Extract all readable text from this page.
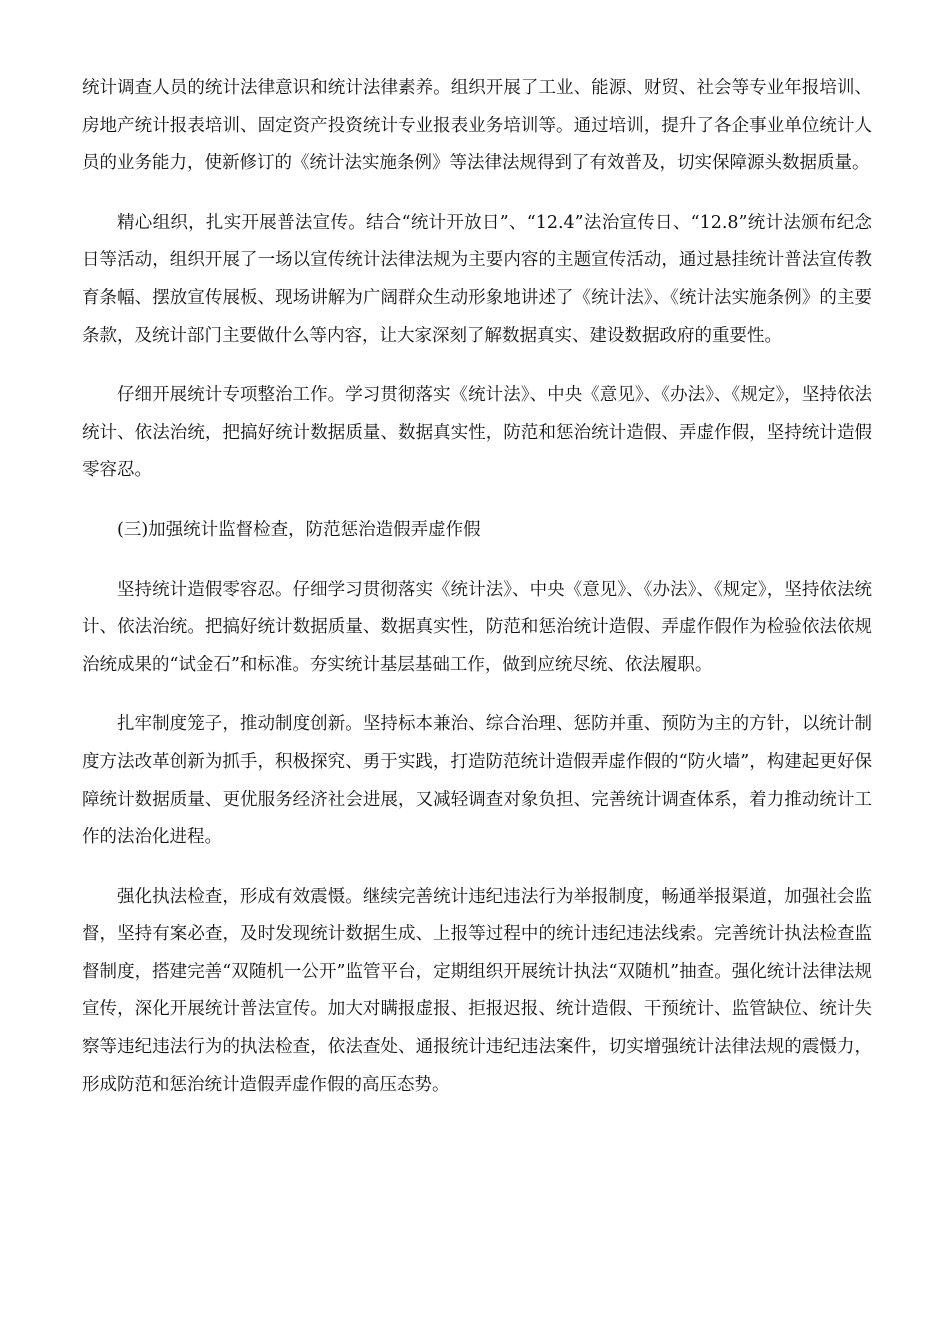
统计调查人员的统计法律意识和统计法律素养。组织开展了工业、能源、财贸、社会等专业年报培训、房地产统计报表培训、固定资产投资统计专业报表业务培训等。通过培训，提升了各企事业单位统计人员的业务能力，使新修订的《统计法实施条例》等法律法规得到了有效普及，切实保障源头数据质量。

精心组织，扎实开展普法宣传。结合“统计开放日”、“12.4”法治宣传日、“12.8”统计法颁布纪念日等活动，组织开展了一场以宣传统计法律法规为主要内容的主题宣传活动，通过悬挂统计普法宣传教育条幅、摆放宣传展板、现场讲解为广阔群众生动形象地讲述了《统计法》、《统计法实施条例》的主要条款，及统计部门主要做什么等内容，让大家深刻了解数据真实、建设数据政府的重要性。

仔细开展统计专项整治工作。学习贯彻落实《统计法》、中央《意见》、《办法》、《规定》，坚持依法统计、依法治统，把搞好统计数据质量、数据真实性，防范和惩治统计造假、弄虚作假，坚持统计造假零容忍。

(三)加强统计监督检查，防范惩治造假弄虚作假

坚持统计造假零容忍。仔细学习贯彻落实《统计法》、中央《意见》、《办法》、《规定》，坚持依法统计、依法治统。把搞好统计数据质量、数据真实性，防范和惩治统计造假、弄虚作假作为检验依法依规治统成果的“试金石”和标准。夯实统计基层基础工作，做到应统尽统、依法履职。

扎牢制度笼子，推动制度创新。坚持标本兼治、综合治理、惩防并重、预防为主的方针，以统计制度方法改革创新为抓手，积极探究、勇于实践，打造防范统计造假弄虚作假的“防火墙”，构建起更好保障统计数据质量、更优服务经济社会进展，又减轻调查对象负担、完善统计调查体系，着力推动统计工作的法治化进程。

强化执法检查，形成有效震慑。继续完善统计违纪违法行为举报制度，畅通举报渠道，加强社会监督，坚持有案必查，及时发现统计数据生成、上报等过程中的统计违纪违法线索。完善统计执法检查监督制度，搭建完善“双随机一公开”监管平台，定期组织开展统计执法“双随机”抽查。强化统计法律法规宣传，深化开展统计普法宣传。加大对瞒报虚报、拒报迟报、统计造假、干预统计、监管缺位、统计失察等违纪违法行为的执法检查，依法查处、通报统计违纪违法案件，切实增强统计法律法规的震慑力，形成防范和惩治统计造假弄虚作假的高压态势。
